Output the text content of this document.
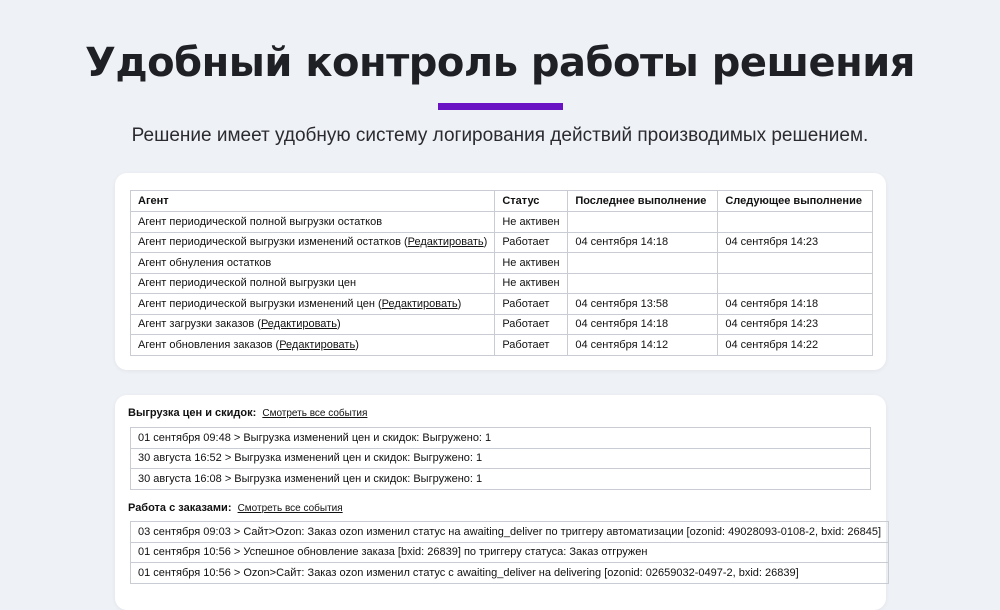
Удобный контроль работы решения

Решение имеет удобную систему логирования действий производимых решением.

Агент	Статус	Последнее выполнение	Следующее выполнение
Агент периодической полной выгрузки остатков	Не активен		
Агент периодической выгрузки изменений остатков (Редактировать)	Работает	04 сентября 14:18	04 сентября 14:23
Агент обнуления остатков	Не активен		
Агент периодической полной выгрузки цен	Не активен		
Агент периодической выгрузки изменений цен (Редактировать)	Работает	04 сентября 13:58	04 сентября 14:18
Агент загрузки заказов (Редактировать)	Работает	04 сентября 14:18	04 сентября 14:23
Агент обновления заказов (Редактировать)	Работает	04 сентября 14:12	04 сентября 14:22
Выгрузка цен и скидок: Смотреть все события
01 сентября 09:48 > Выгрузка изменений цен и скидок: Выгружено: 1
30 августа 16:52 > Выгрузка изменений цен и скидок: Выгружено: 1
30 августа 16:08 > Выгрузка изменений цен и скидок: Выгружено: 1
Работа с заказами: Смотреть все события
03 сентября 09:03 > Сайт>Ozon: Заказ ozon изменил статус на awaiting_deliver по триггеру автоматизации [ozonid: 49028093-0108-2, bxid: 26845]
01 сентября 10:56 > Успешное обновление заказа [bxid: 26839] по триггеру статуса: Заказ отгружен
01 сентября 10:56 > Ozon>Сайт: Заказ ozon изменил статус с awaiting_deliver на delivering [ozonid: 02659032-0497-2, bxid: 26839]
